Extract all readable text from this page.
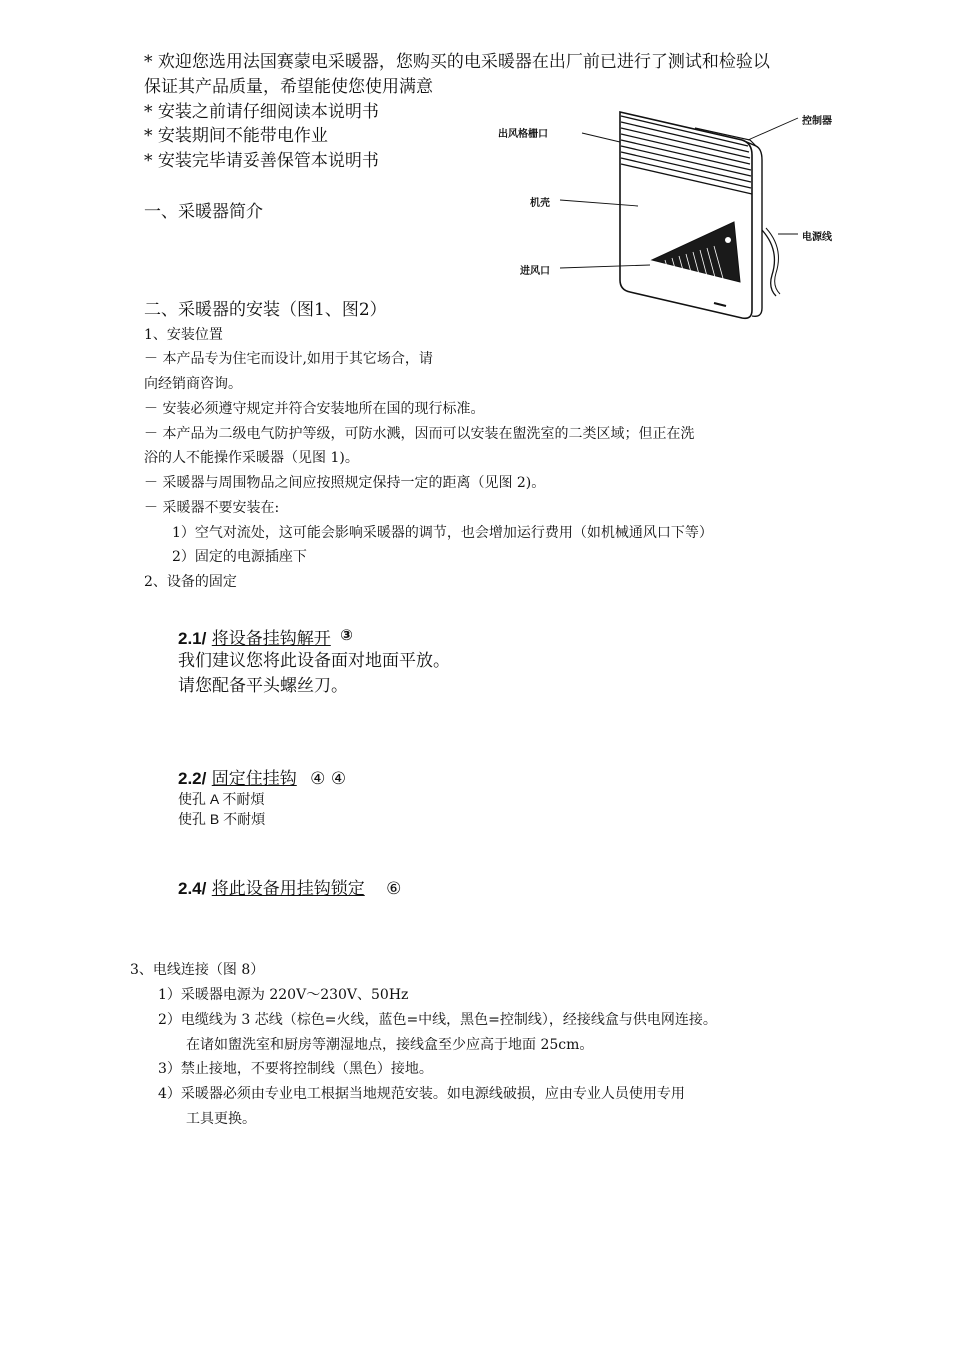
* 欢迎您选用法国赛蒙电采暖器，您购买的电采暖器在出厂前已进行了测试和检验以
保证其产品质量，希望能使您使用满意
* 安装之前请仔细阅读本说明书
* 安装期间不能带电作业
* 安装完毕请妥善保管本说明书
一、采暖器简介
出风格栅口
控制器
机壳
电源线
进风口
二、采暖器的安装（图1、图2）
1、安装位置
－ 本产品专为住宅而设计,如用于其它场合，请
向经销商咨询。
－ 安装必须遵守规定并符合安装地所在国的现行标准。
－ 本产品为二级电气防护等级，可防水溅，因而可以安装在盥洗室的二类区域；但正在洗
浴的人不能操作采暖器（见图 1)。
－ 采暖器与周围物品之间应按照规定保持一定的距离（见图 2)。
－ 采暖器不要安装在:
1）空气对流处，这可能会影响采暖器的调节，也会增加运行费用（如机械通风口下等）
2）固定的电源插座下
2、设备的固定
2.1/ 将设备挂钩解开 ③
我们建议您将此设备面对地面平放。
请您配备平头螺丝刀。
2.2/ 固定住挂钩 ④ ④
使孔 A 不耐煩
使孔 B 不耐煩
2.4/ 将此设备用挂钩锁定 ⑥
3、电线连接（图 8）
1）采暖器电源为 220V～230V、50Hz
2）电缆线为 3 芯线（棕色=火线，蓝色=中线，黑色=控制线），经接线盒与供电网连接。
在诸如盥洗室和厨房等潮湿地点，接线盒至少应高于地面 25cm。
3）禁止接地，不要将控制线（黑色）接地。
4）采暖器必须由专业电工根据当地规范安装。如电源线破损，应由专业人员使用专用
工具更换。
